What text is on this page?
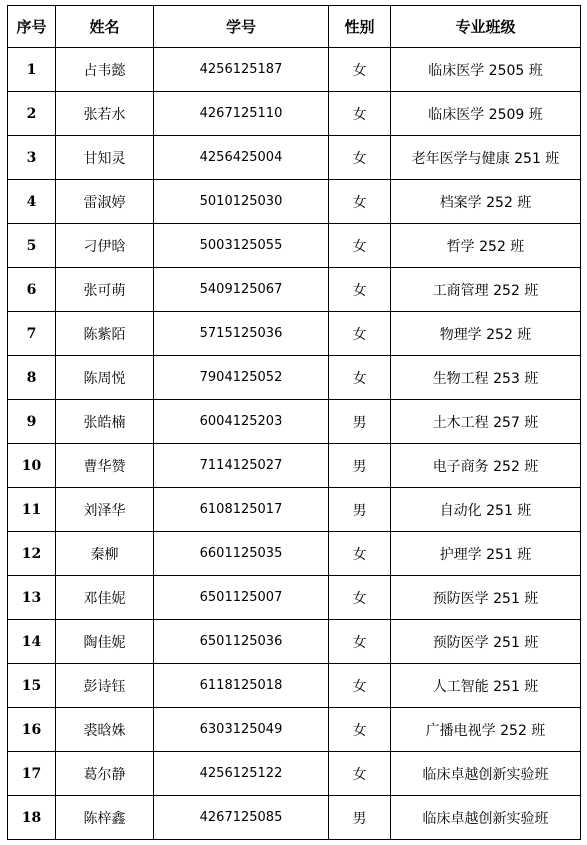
序号	姓名	学号	性别	专业班级
1	占韦懿	4256125187	女	临床医学 2505 班
2	张若水	4267125110	女	临床医学 2509 班
3	甘知灵	4256425004	女	老年医学与健康 251 班
4	雷淑婷	5010125030	女	档案学 252 班
5	刁伊晗	5003125055	女	哲学 252 班
6	张可萌	5409125067	女	工商管理 252 班
7	陈紫陌	5715125036	女	物理学 252 班
8	陈周悦	7904125052	女	生物工程 253 班
9	张皓楠	6004125203	男	土木工程 257 班
10	曹华赞	7114125027	男	电子商务 252 班
11	刘泽华	6108125017	男	自动化 251 班
12	秦柳	6601125035	女	护理学 251 班
13	邓佳妮	6501125007	女	预防医学 251 班
14	陶佳妮	6501125036	女	预防医学 251 班
15	彭诗钰	6118125018	女	人工智能 251 班
16	裘晗姝	6303125049	女	广播电视学 252 班
17	葛尔静	4256125122	女	临床卓越创新实验班
18	陈梓鑫	4267125085	男	临床卓越创新实验班
